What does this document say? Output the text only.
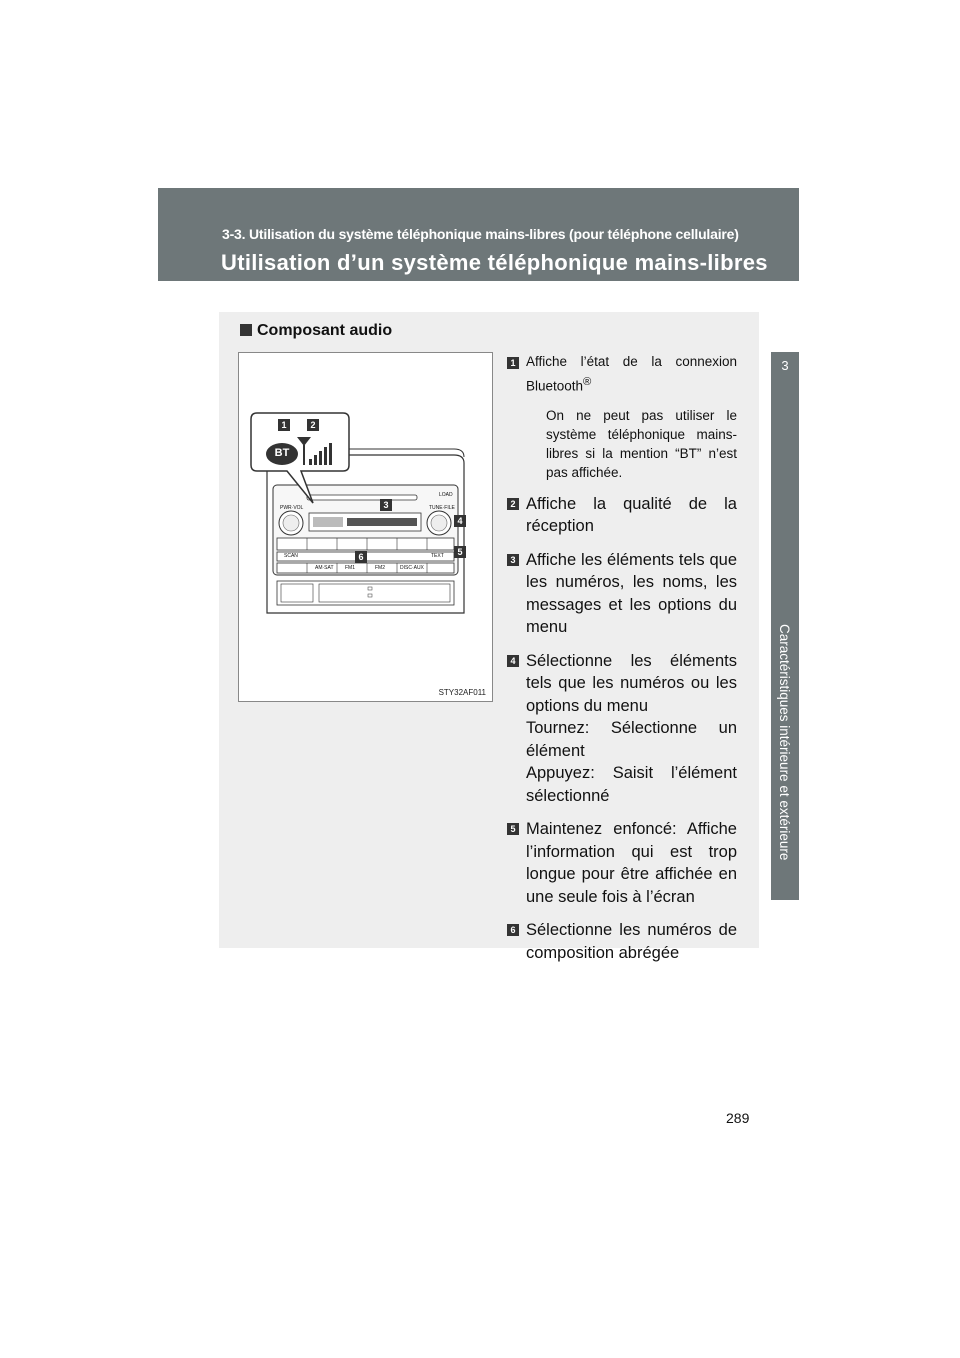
3-3. Utilisation du système téléphonique mains-libres (pour téléphone cellulaire)
Utilisation d’un système téléphonique mains-libres
3
Caractéristiques intérieure et extérieure
Composant audio
BT
LOAD
TUNE·FILE
PWR·VOL
SCAN	TEXT
AM·SAT FM1	FM2	DISC·AUX
1	2
3
4
5
6
STY32AF011
1 Affiche l’état de la connexion Bluetooth®

On ne peut pas utiliser le système téléphonique mains-libres si la mention “BT” n’est pas affichée.
2 Affiche la qualité de la réception

3 Affiche les éléments tels que les numéros, les noms, les messages et les options du menu

4 Sélectionne les éléments tels que les numéros ou les options du menu

Tournez: Sélectionne un élément

Appuyez: Saisit l’élément sélectionné

5 Maintenez enfoncé: Affiche l’information qui est trop longue pour être affichée en une seule fois à l’écran

6 Sélectionne les numéros de composition abrégée

289
